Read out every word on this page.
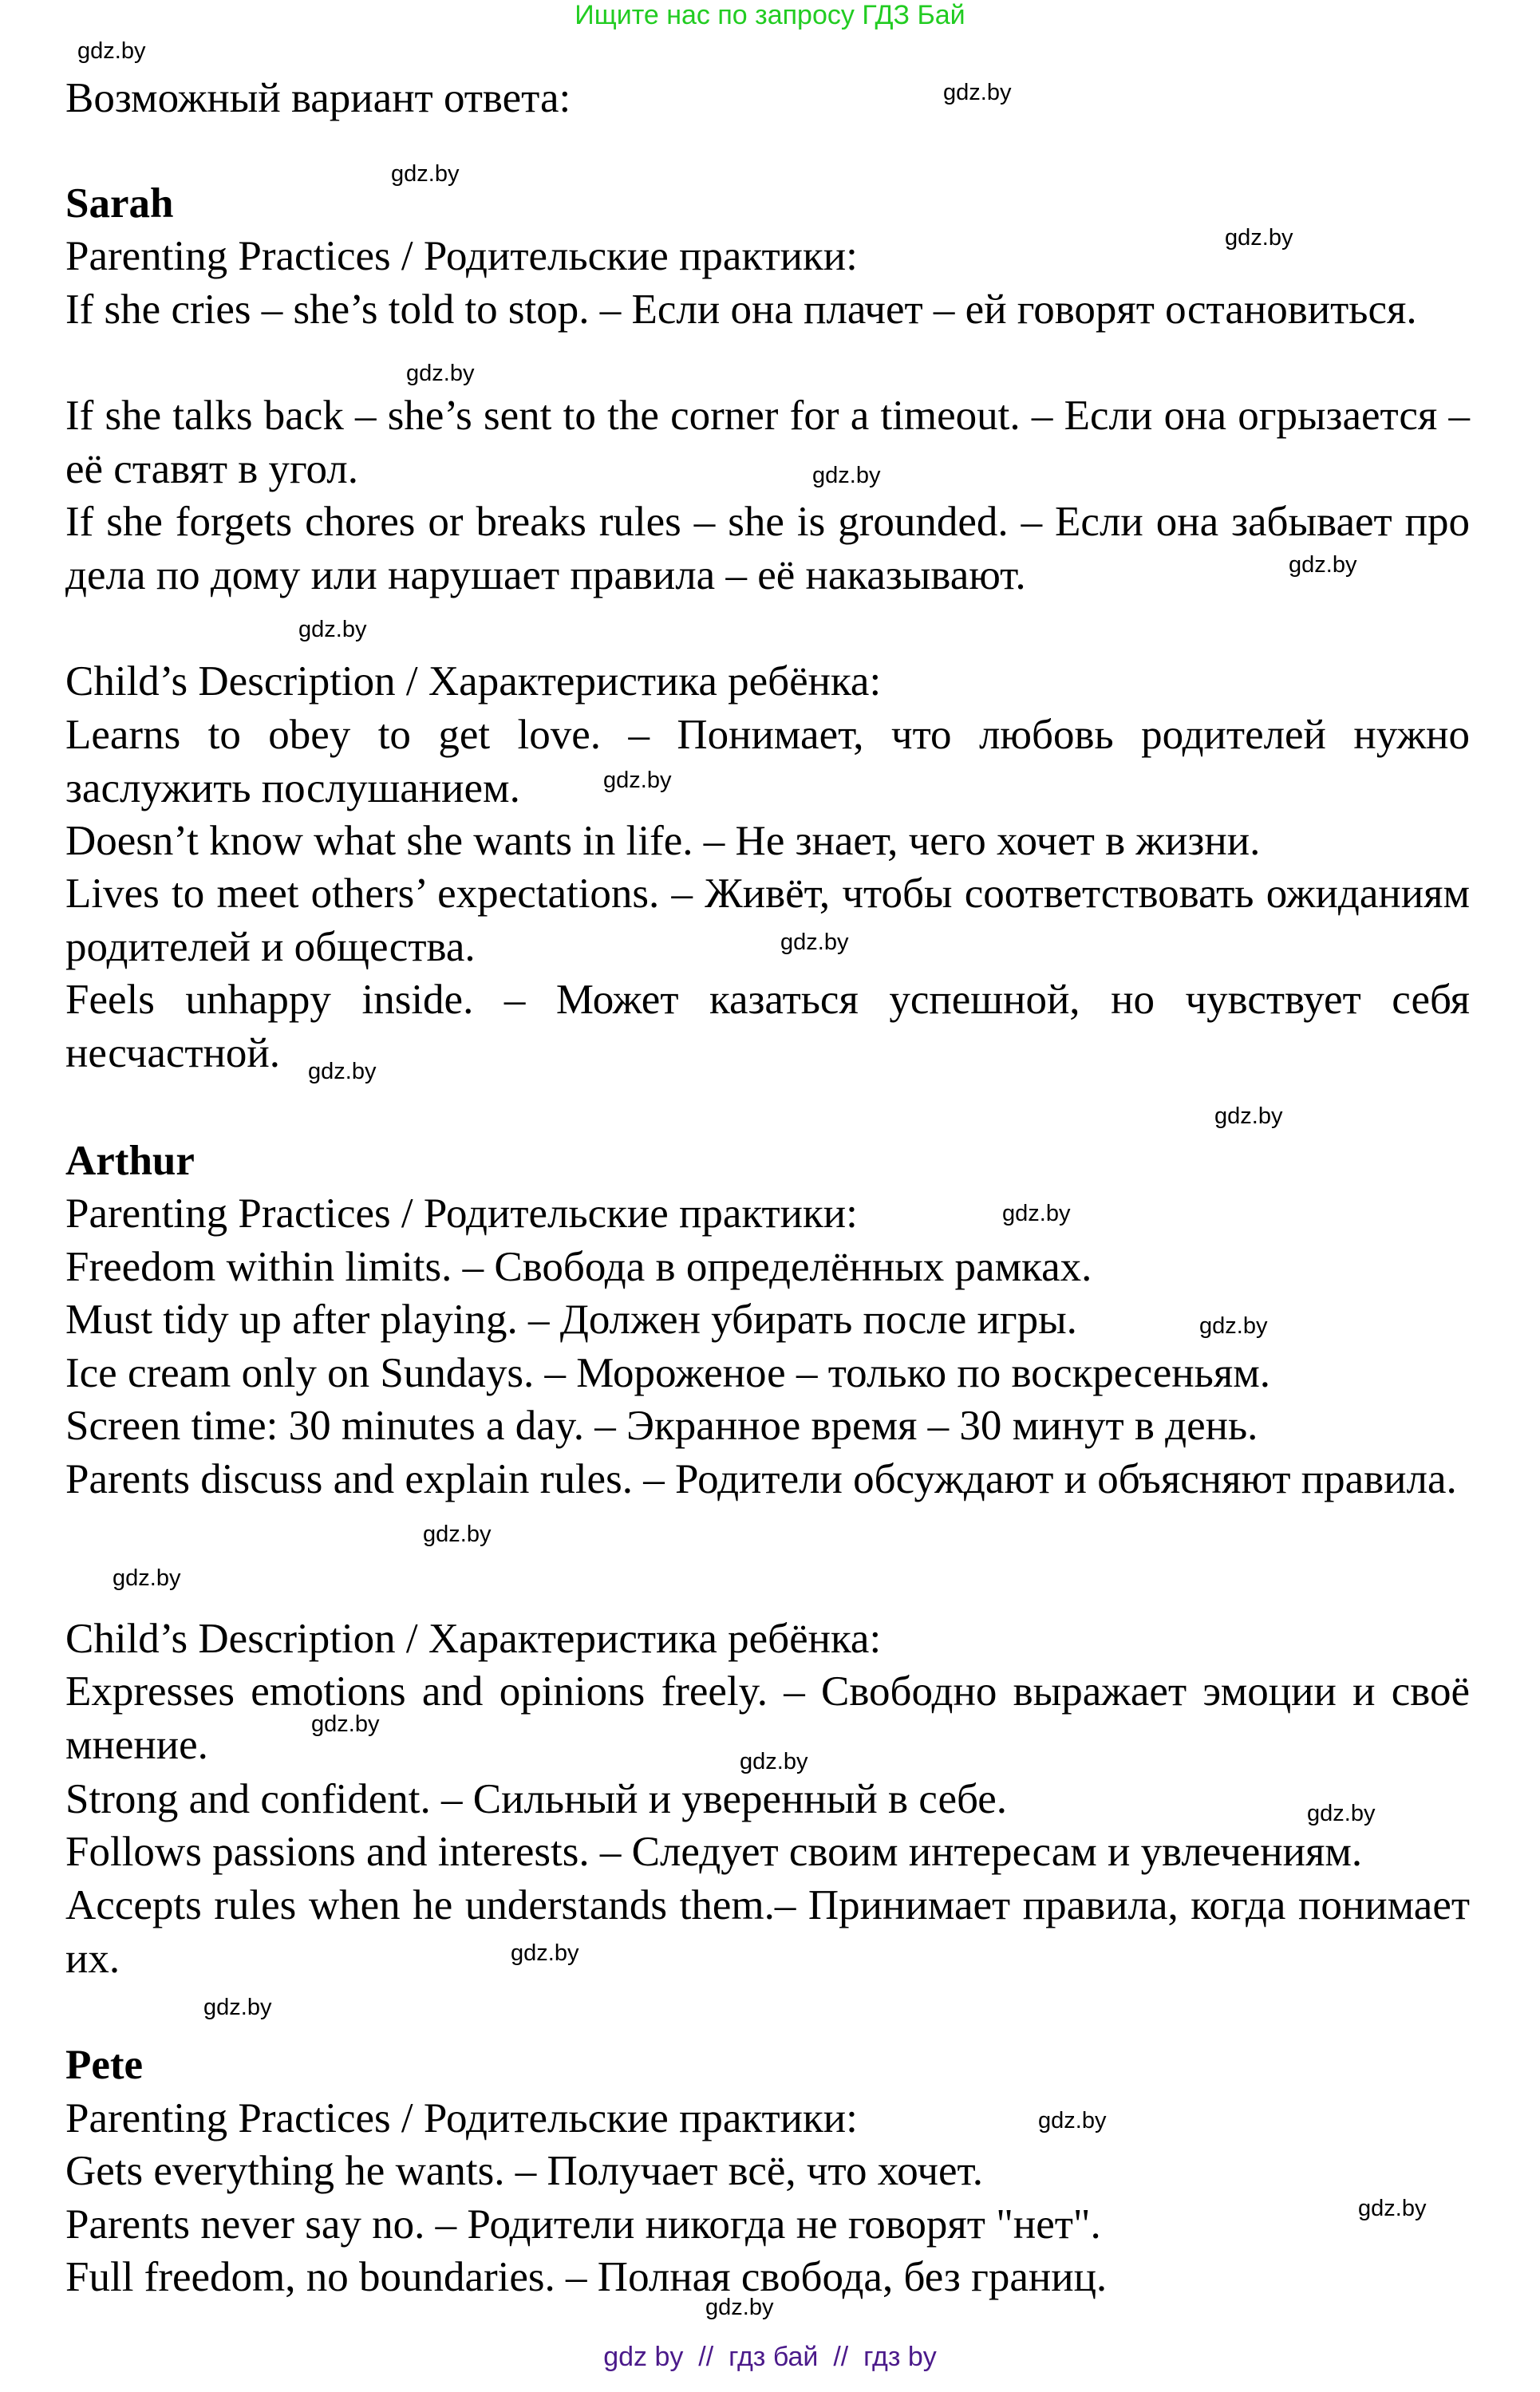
Ищите нас по запросу ГДЗ Бай
Возможный вариант ответа:
Sarah
Parenting Practices / Родительские практики:
If she cries – she’s told to stop. – Если она плачет – ей говорят остановиться.
If she talks back – she’s sent to the corner for a timeout. – Если она огрызается – её ставят в угол.
If she forgets chores or breaks rules – she is grounded. – Если она забывает про дела по дому или нарушает правила – её наказывают.
Child’s Description / Характеристика ребёнка:
Learns to obey to get love. – Понимает, что любовь родителей нужно заслужить послушанием.
Doesn’t know what she wants in life. – Не знает, чего хочет в жизни.
Lives to meet others’ expectations. – Живёт, чтобы соответствовать ожиданиям родителей и общества.
Feels unhappy inside. – Может казаться успешной, но чувствует себя несчастной.
Arthur
Parenting Practices / Родительские практики:
Freedom within limits. – Свобода в определённых рамках.
Must tidy up after playing. – Должен убирать после игры.
Ice cream only on Sundays. – Мороженое – только по воскресеньям.
Screen time: 30 minutes a day. – Экранное время – 30 минут в день.
Parents discuss and explain rules. – Родители обсуждают и объясняют правила.
Child’s Description / Характеристика ребёнка:
Expresses emotions and opinions freely. – Свободно выражает эмоции и своё мнение.
Strong and confident. – Сильный и уверенный в себе.
Follows passions and interests. – Следует своим интересам и увлечениям.
Accepts rules when he understands them.– Принимает правила, когда понимает их.
Pete
Parenting Practices / Родительские практики:
Gets everything he wants. – Получает всё, что хочет.
Parents never say no. – Родители никогда не говорят "нет".
Full freedom, no boundaries. – Полная свобода, без границ.
gdz.by
gdz.by
gdz.by
gdz.by
gdz.by
gdz.by
gdz.by
gdz.by
gdz.by
gdz.by
gdz.by
gdz.by
gdz.by
gdz.by
gdz.by
gdz.by
gdz.by
gdz.by
gdz.by
gdz.by
gdz.by
gdz.by
gdz.by
gdz.by
gdz by  //  гдз бай  //  гдз by
